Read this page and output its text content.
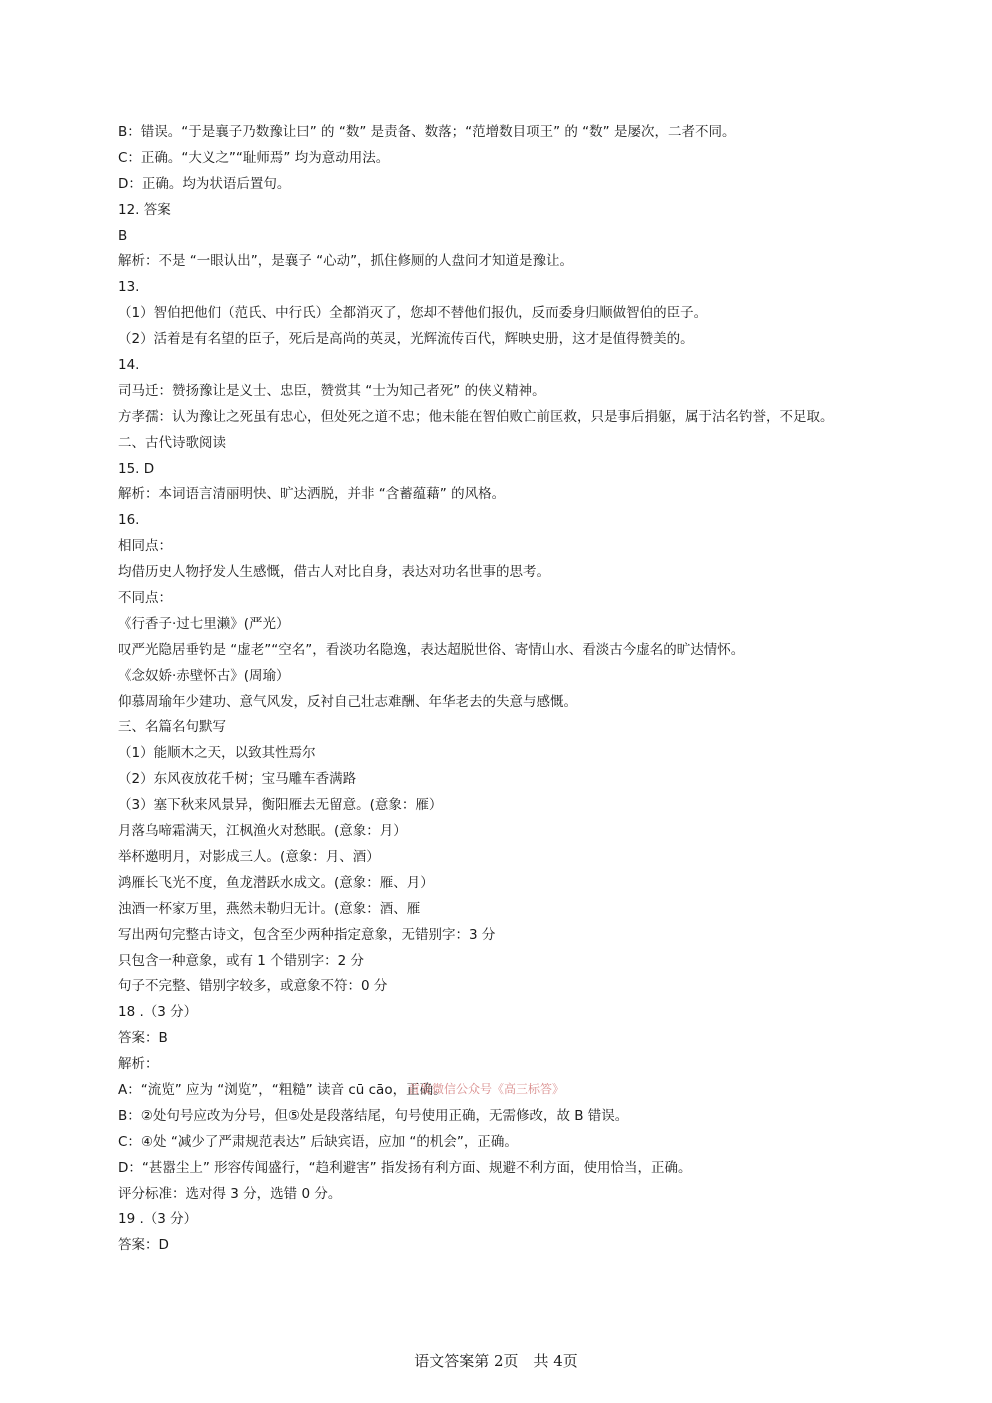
B：错误。“于是襄子乃数豫让曰” 的 “数” 是责备、数落；“范增数目项王” 的 “数” 是屡次，二者不同。
C：正确。“大义之”“耻师焉” 均为意动用法。
D：正确。均为状语后置句。
12. 答案
B
解析：不是 “一眼认出”，是襄子 “心动”，抓住修厕的人盘问才知道是豫让。
13.
（1）智伯把他们（范氏、中行氏）全都消灭了，您却不替他们报仇，反而委身归顺做智伯的臣子。
（2）活着是有名望的臣子，死后是高尚的英灵，光辉流传百代，辉映史册，这才是值得赞美的。
14.
司马迁：赞扬豫让是义士、忠臣，赞赏其 “士为知己者死” 的侠义精神。
方孝孺：认为豫让之死虽有忠心，但处死之道不忠；他未能在智伯败亡前匡救，只是事后捐躯，属于沽名钓誉，不足取。
二、古代诗歌阅读
15. D
解析：本词语言清丽明快、旷达洒脱，并非 “含蓄蕴藉” 的风格。
16.
相同点：
均借历史人物抒发人生感慨，借古人对比自身，表达对功名世事的思考。
不同点：
《行香子·过七里濑》(严光）
叹严光隐居垂钓是 “虚老”“空名”，看淡功名隐逸，表达超脱世俗、寄情山水、看淡古今虚名的旷达情怀。
《念奴娇·赤壁怀古》(周瑜）
仰慕周瑜年少建功、意气风发，反衬自己壮志难酬、年华老去的失意与感慨。
三、名篇名句默写
（1）能顺木之天，以致其性焉尔
（2）东风夜放花千树；宝马雕车香满路
（3）塞下秋来风景异，衡阳雁去无留意。(意象：雁）
月落乌啼霜满天，江枫渔火对愁眠。(意象：月）
举杯邀明月，对影成三人。(意象：月、酒）
鸿雁长飞光不度，鱼龙潜跃水成文。(意象：雁、月）
浊酒一杯家万里，燕然未勒归无计。(意象：酒、雁
写出两句完整古诗文，包含至少两种指定意象，无错别字：3 分
只包含一种意象，或有 1 个错别字：2 分
句子不完整、错别字较多，或意象不符：0 分
18 .（3 分）
答案：B
解析：
A：“流览” 应为 “浏览”，“粗糙” 读音 cū cāo，正确。
B：②处句号应改为分号，但⑤处是段落结尾，句号使用正确，无需修改，故 B 错误。
C：④处 “减少了严肃规范表达” 后缺宾语，应加 “的机会”，正确。
D：“甚嚣尘上” 形容传闻盛行，“趋利避害” 指发扬有利方面、规避不利方面，使用恰当，正确。
评分标准：选对得 3 分，选错 0 分。
19 .（3 分）
答案：D
首发微信公众号《高三标答》
语文答案第 2页　共 4页
